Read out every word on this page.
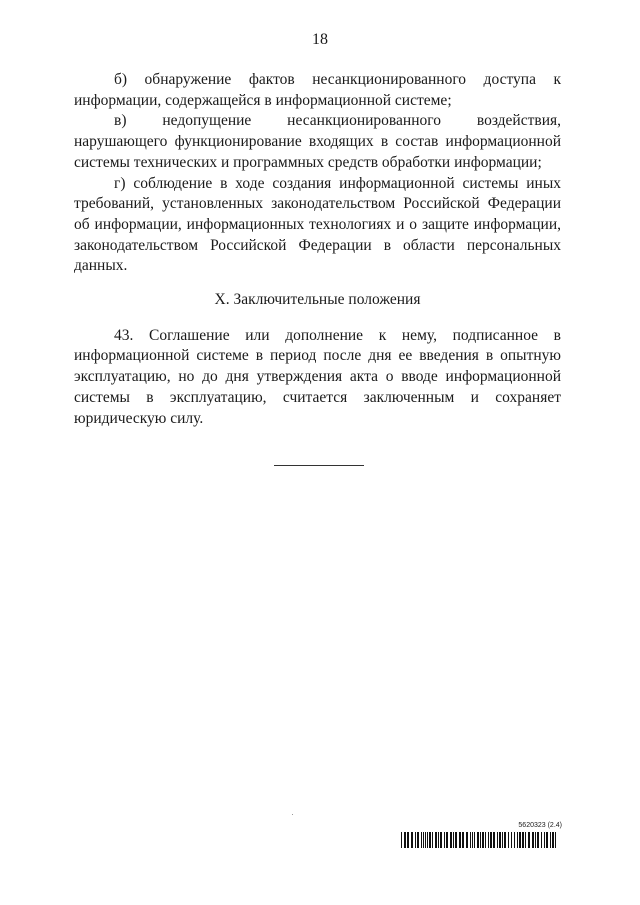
18

б) обнаружение фактов несанкционированного доступа к информации, содержащейся в информационной системе;

в) недопущение несанкционированного воздействия, нарушающего функционирование входящих в состав информационной системы технических и программных средств обработки информации;

г) соблюдение в ходе создания информационной системы иных требований, установленных законодательством Российской Федерации об информации, информационных технологиях и о защите информации, законодательством Российской Федерации в области персональных данных.

X. Заключительные положения

43. Соглашение или дополнение к нему, подписанное в информационной системе в период после дня ее введения в опытную эксплуатацию, но до дня утверждения акта о вводе информационной системы в эксплуатацию, считается заключенным и сохраняет юридическую силу.

5620323 (2.4)
